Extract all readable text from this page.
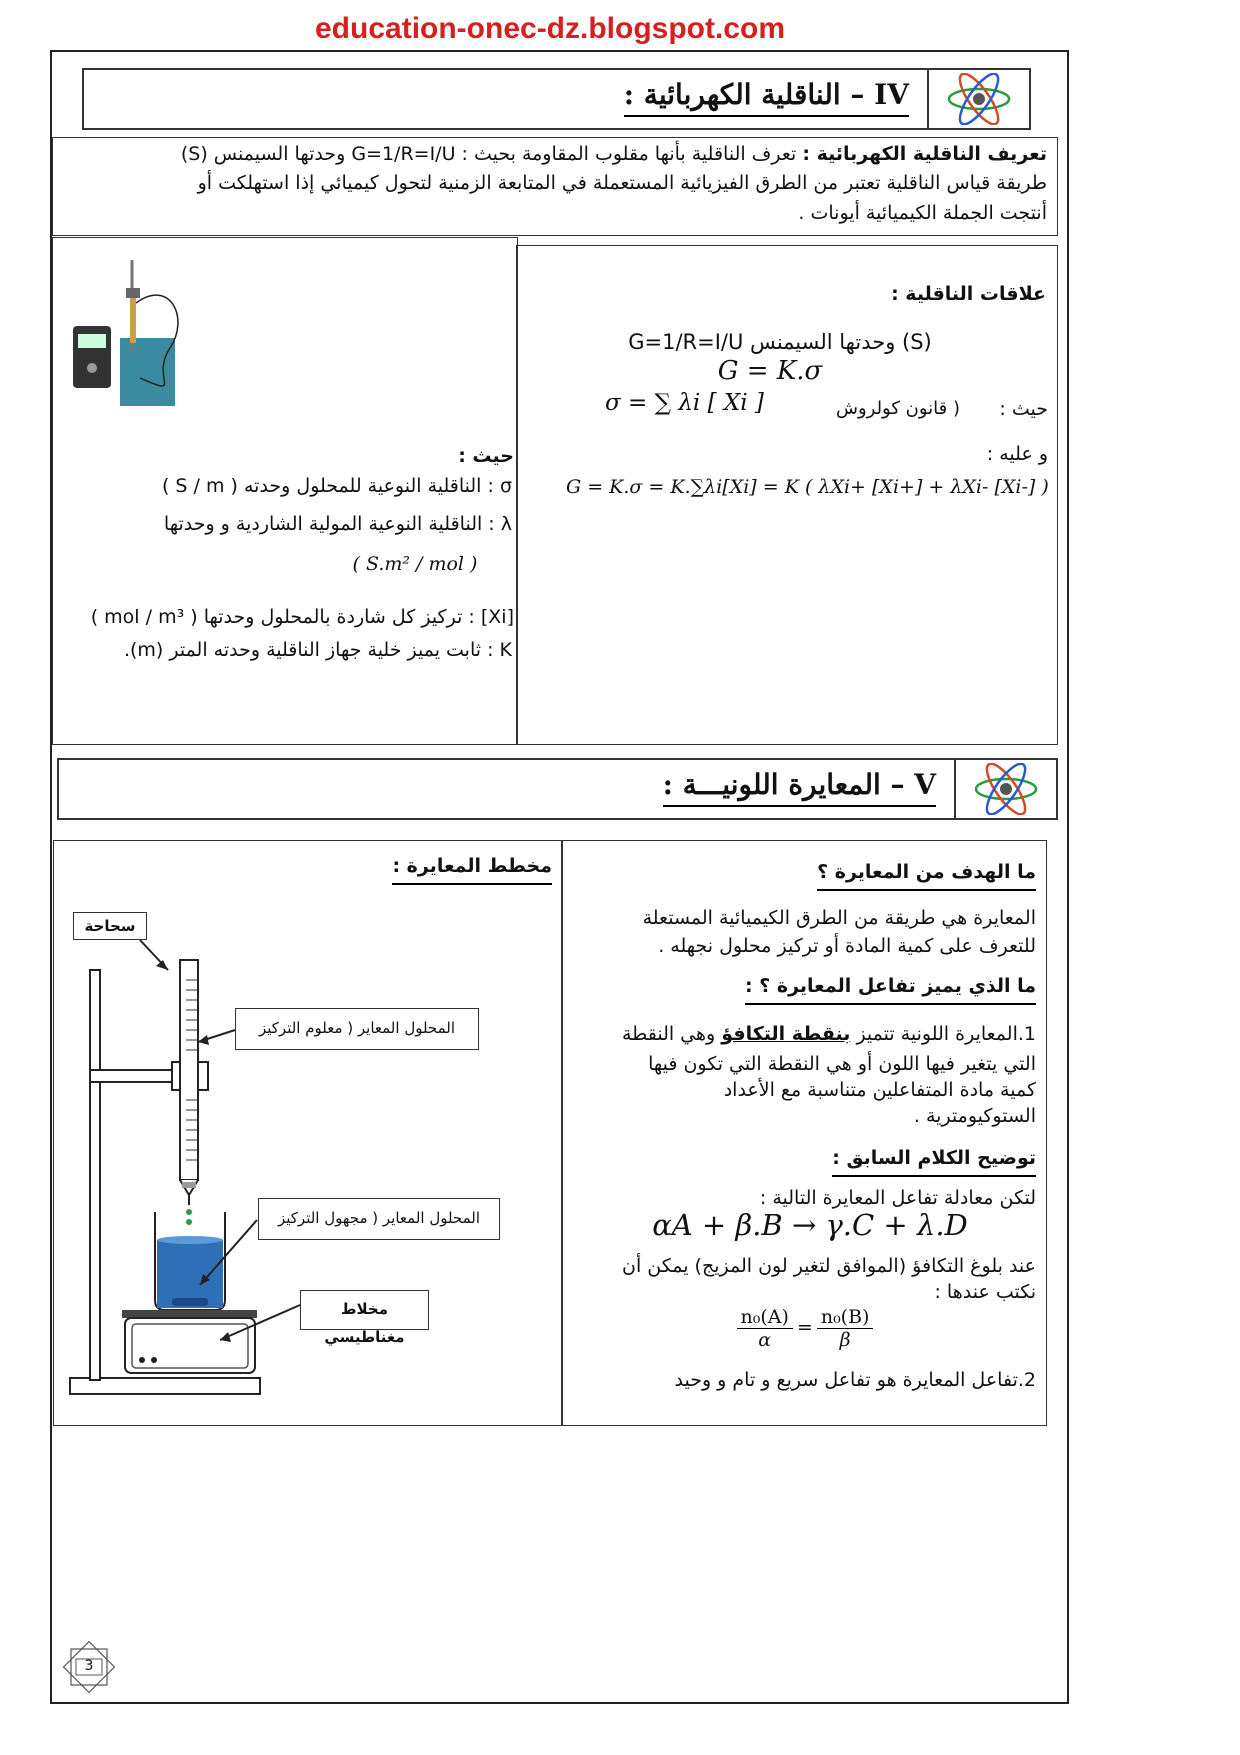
education-onec-dz.blogspot.com
IV – الناقلية الكهربائية :
تعريف الناقلية الكهربائية : تعرف الناقلية بأنها مقلوب المقاومة بحيث : G=1/R=I/U وحدتها السيمنس (S)
طريقة قياس الناقلية تعتبر من الطرق الفيزيائية المستعملة في المتابعة الزمنية لتحول كيميائي إذا استهلكت أو
أنتجت الجملة الكيميائية أيونات .
حيث :
σ : الناقلية النوعية للمحلول وحدته ( S / m )
λ : الناقلية النوعية المولية الشاردية و وحدتها
( S.m² / mol )
[Xi] : تركيز كل شاردة بالمحلول وحدتها ( mol / m³ )
K : ثابت يميز خلية جهاز الناقلية وحدته المتر (m).
علاقات الناقلية :
G=1/R=I/U وحدتها السيمنس (S)
G = K.σ
σ = ∑ λi [ Xi ]	( قانون كولروش	حيث :
و عليه :
G = K.σ = K.∑λi[Xi] = K ( λXi+ [Xi+] + λXi- [Xi-] )
V – المعايرة اللونيـــة :
ما الهدف من المعايرة ؟
المعايرة هي طريقة من الطرق الكيميائية المستعلة
للتعرف على كمية المادة أو تركيز محلول نجهله .
ما الذي يميز تفاعل المعايرة ؟ :
1.المعايرة اللونية تتميز بنقطة التكافؤ وهي النقطة
التي يتغير فيها اللون أو هي النقطة التي تكون فيها
كمية مادة المتفاعلين متناسبة مع الأعداد
الستوكيومترية .
توضيح الكلام السابق :
لتكن معادلة تفاعل المعايرة التالية :
αA + β.B → γ.C + λ.D
عند بلوغ التكافؤ (الموافق لتغير لون المزيج) يمكن أن
نكتب عندها :
$\frac{\text{n₀(A)}}{\alpha} = \frac{\text{n₀(B)}}{\beta}$
2.تفاعل المعايرة هو تفاعل سريع و تام و وحيد
مخطط المعايرة :
سحاحة
المحلول المعاير ( معلوم التركيز
المحلول المعاير ( مجهول التركيز
مخلاط مغناطيسي
3
